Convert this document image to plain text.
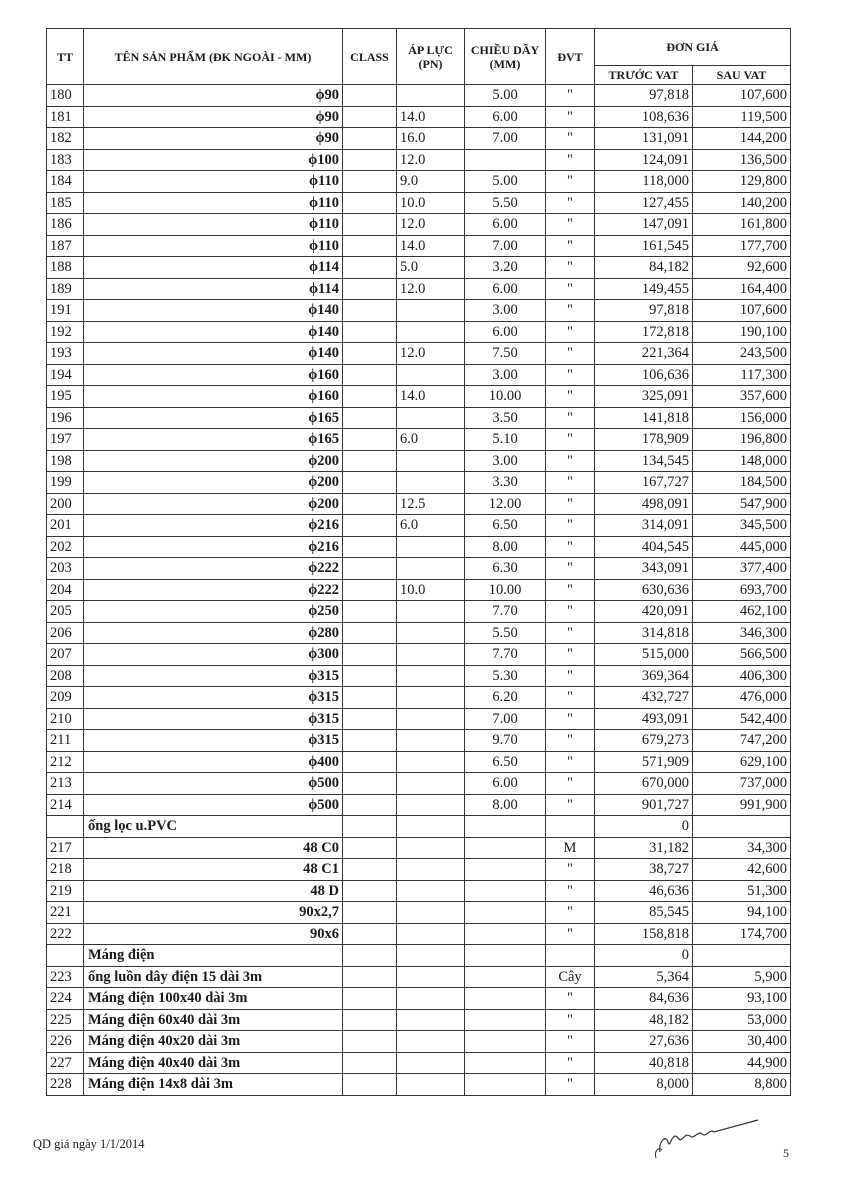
TT	TÊN SẢN PHẨM (ĐK NGOÀI - MM)	CLASS	ÁP LỰC (PN)	CHIỀU DẦY (MM)	ĐVT	ĐƠN GIÁ	
						TRƯỚC VAT	SAU VAT
180	ϕ90			5.00	"	97,818	107,600
181	ϕ90		14.0	6.00	"	108,636	119,500
182	ϕ90		16.0	7.00	"	131,091	144,200
183	ϕ100		12.0		"	124,091	136,500
184	ϕ110		9.0	5.00	"	118,000	129,800
185	ϕ110		10.0	5.50	"	127,455	140,200
186	ϕ110		12.0	6.00	"	147,091	161,800
187	ϕ110		14.0	7.00	"	161,545	177,700
188	ϕ114		5.0	3.20	"	84,182	92,600
189	ϕ114		12.0	6.00	"	149,455	164,400
191	ϕ140			3.00	"	97,818	107,600
192	ϕ140			6.00	"	172,818	190,100
193	ϕ140		12.0	7.50	"	221,364	243,500
194	ϕ160			3.00	"	106,636	117,300
195	ϕ160		14.0	10.00	"	325,091	357,600
196	ϕ165			3.50	"	141,818	156,000
197	ϕ165		6.0	5.10	"	178,909	196,800
198	ϕ200			3.00	"	134,545	148,000
199	ϕ200			3.30	"	167,727	184,500
200	ϕ200		12.5	12.00	"	498,091	547,900
201	ϕ216		6.0	6.50	"	314,091	345,500
202	ϕ216			8.00	"	404,545	445,000
203	ϕ222			6.30	"	343,091	377,400
204	ϕ222		10.0	10.00	"	630,636	693,700
205	ϕ250			7.70	"	420,091	462,100
206	ϕ280			5.50	"	314,818	346,300
207	ϕ300			7.70	"	515,000	566,500
208	ϕ315			5.30	"	369,364	406,300
209	ϕ315			6.20	"	432,727	476,000
210	ϕ315			7.00	"	493,091	542,400
211	ϕ315			9.70	"	679,273	747,200
212	ϕ400			6.50	"	571,909	629,100
213	ϕ500			6.00	"	670,000	737,000
214	ϕ500			8.00	"	901,727	991,900
	ống lọc u.PVC					0	
217	48 C0				M	31,182	34,300
218	48 C1				"	38,727	42,600
219	48 D				"	46,636	51,300
221	90x2,7				"	85,545	94,100
222	90x6				"	158,818	174,700
	Máng điện					0	
223	ống luồn dây điện 15 dài 3m				Cây	5,364	5,900
224	Máng điện 100x40 dài 3m				"	84,636	93,100
225	Máng điện 60x40 dài 3m				"	48,182	53,000
226	Máng điện 40x20 dài 3m				"	27,636	30,400
227	Máng điện 40x40 dài 3m				"	40,818	44,900
228	Máng điện 14x8 dài 3m				"	8,000	8,800
QD giá ngày 1/1/2014
5
